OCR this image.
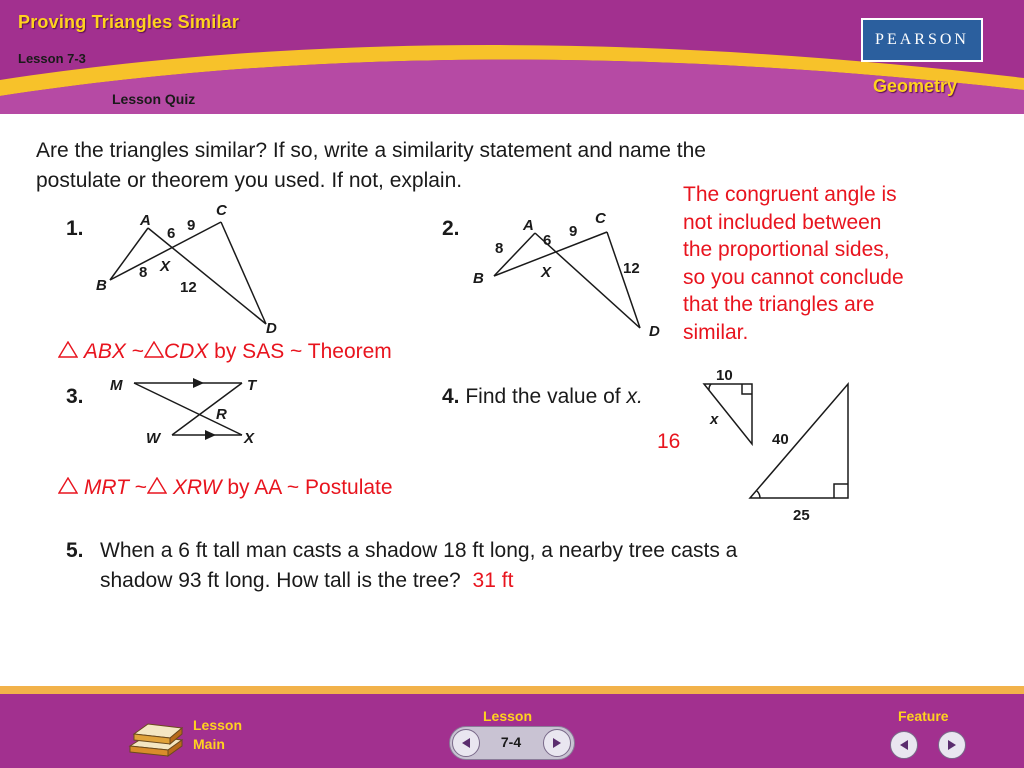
Proving Triangles Similar
Lesson 7-3
Lesson Quiz
PEARSON
Geometry
Are the triangles similar? If so, write a similarity statement and name the
postulate or theorem you used. If not, explain.
1.	A
C
B
X
D
6 9
8
12
ABX ~ CDX by SAS ~ Theorem
2.	A	C
B	X
D
8	6
9
12
The congruent angle is
not included between
the proportional sides,
so you cannot conclude
that the triangles are
similar.
3. M	T
R
W	X
MRT ~ XRW by AA ~ Postulate
4. Find the value of x.
16
10
x
40
25
5. When a 6 ft tall man casts a shadow 18 ft long, a nearby tree casts a
shadow 93 ft long. How tall is the tree? 31 ft
Lesson
Main
Lesson
7-4
Feature
